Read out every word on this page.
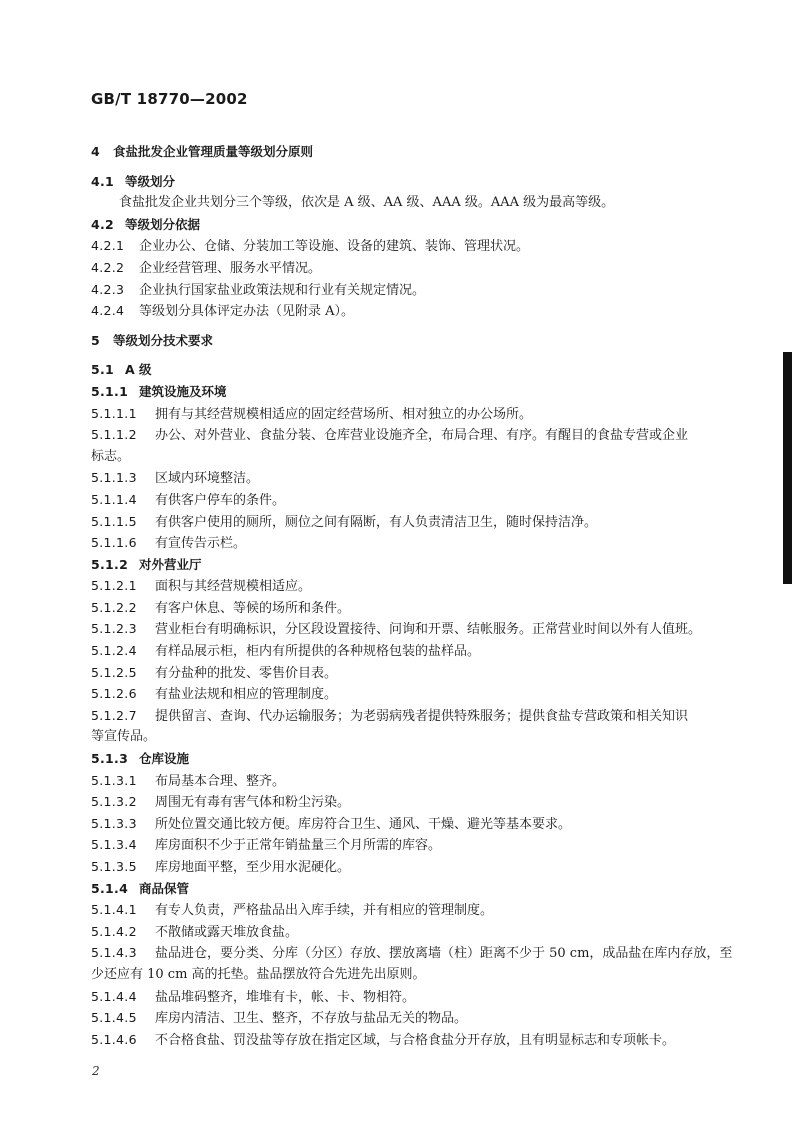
GB/T 18770—2002
4 食盐批发企业管理质量等级划分原则
4.1 等级划分
食盐批发企业共划分三个等级，依次是 A 级、AA 级、AAA 级。AAA 级为最高等级。
4.2 等级划分依据
4.2.1 企业办公、仓储、分装加工等设施、设备的建筑、装饰、管理状况。
4.2.2 企业经营管理、服务水平情况。
4.2.3 企业执行国家盐业政策法规和行业有关规定情况。
4.2.4 等级划分具体评定办法（见附录 A）。
5 等级划分技术要求
5.1 A 级
5.1.1 建筑设施及环境
5.1.1.1 拥有与其经营规模相适应的固定经营场所、相对独立的办公场所。
5.1.1.2 办公、对外营业、食盐分装、仓库营业设施齐全，布局合理、有序。有醒目的食盐专营或企业
标志。
5.1.1.3 区域内环境整洁。
5.1.1.4 有供客户停车的条件。
5.1.1.5 有供客户使用的厕所，厕位之间有隔断，有人负责清洁卫生，随时保持洁净。
5.1.1.6 有宣传告示栏。
5.1.2 对外营业厅
5.1.2.1 面积与其经营规模相适应。
5.1.2.2 有客户休息、等候的场所和条件。
5.1.2.3 营业柜台有明确标识，分区段设置接待、问询和开票、结帐服务。正常营业时间以外有人值班。
5.1.2.4 有样品展示柜，柜内有所提供的各种规格包装的盐样品。
5.1.2.5 有分盐种的批发、零售价目表。
5.1.2.6 有盐业法规和相应的管理制度。
5.1.2.7 提供留言、查询、代办运输服务；为老弱病残者提供特殊服务；提供食盐专营政策和相关知识
等宣传品。
5.1.3 仓库设施
5.1.3.1 布局基本合理、整齐。
5.1.3.2 周围无有毒有害气体和粉尘污染。
5.1.3.3 所处位置交通比较方便。库房符合卫生、通风、干燥、避光等基本要求。
5.1.3.4 库房面积不少于正常年销盐量三个月所需的库容。
5.1.3.5 库房地面平整，至少用水泥硬化。
5.1.4 商品保管
5.1.4.1 有专人负责，严格盐品出入库手续，并有相应的管理制度。
5.1.4.2 不散储或露天堆放食盐。
5.1.4.3 盐品进仓，要分类、分库（分区）存放、摆放离墙（柱）距离不少于 50 cm，成品盐在库内存放，至
少还应有 10 cm 高的托垫。盐品摆放符合先进先出原则。
5.1.4.4 盐品堆码整齐，堆堆有卡，帐、卡、物相符。
5.1.4.5 库房内清洁、卫生、整齐，不存放与盐品无关的物品。
5.1.4.6 不合格食盐、罚没盐等存放在指定区域，与合格食盐分开存放，且有明显标志和专项帐卡。
2
